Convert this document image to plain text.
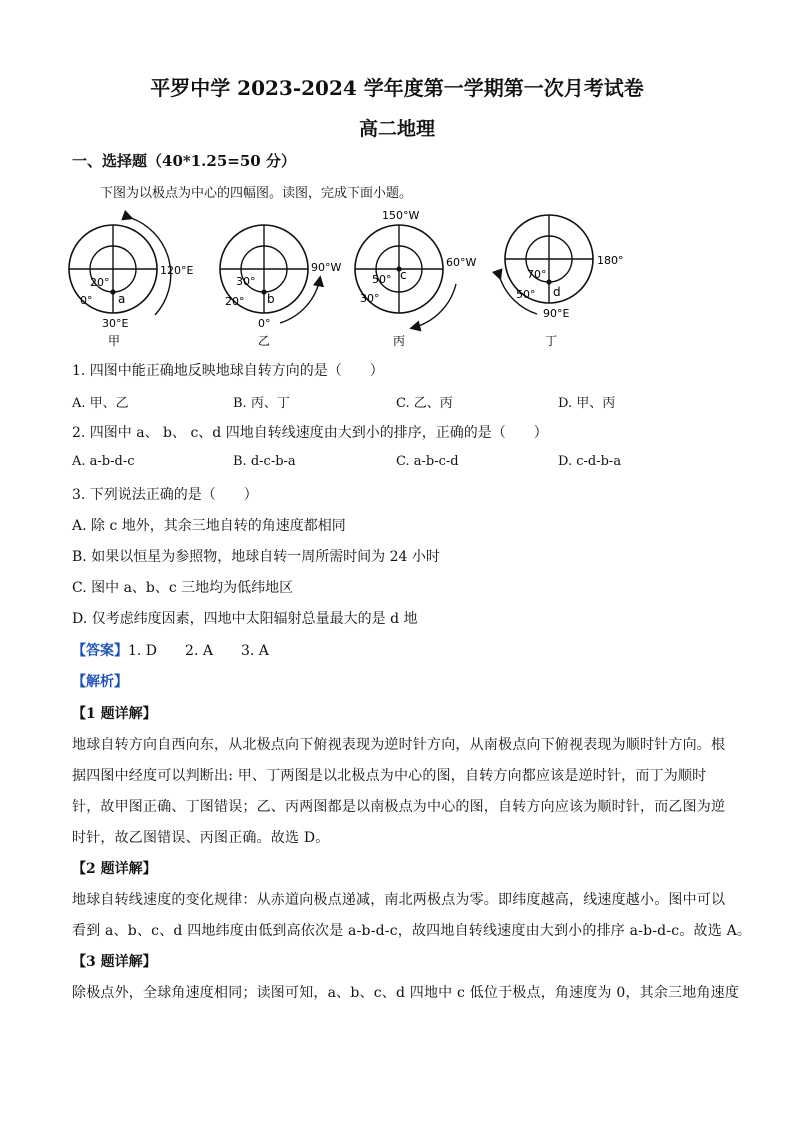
平罗中学 2023-2024 学年度第一学期第一次月考试卷
高二地理
一、选择题（40*1.25=50 分）
下图为以极点为中心的四幅图。读图，完成下面小题。
20°
a
120°E
0°
30°E
甲
30°
20° b
90°W
0°
乙
150°W
50° c
30°
60°W
丙
180°
70°
50° d
90°E
丁
1. 四图中能正确地反映地球自转方向的是（　　）
A. 甲、乙	B. 丙、丁	C. 乙、丙	D. 甲、丙
2. 四图中 a、 b、 c、d 四地自转线速度由大到小的排序，正确的是（　　）
A. a-b-d-c	B. d-c-b-a	C. a-b-c-d	D. c-d-b-a
3. 下列说法正确的是（　　）
A. 除 c 地外，其余三地自转的角速度都相同
B. 如果以恒星为参照物，地球自转一周所需时间为 24 小时
C. 图中 a、b、c 三地均为低纬地区
D. 仅考虑纬度因素，四地中太阳辐射总量最大的是 d 地
【答案】1. D　　2. A　　3. A
【解析】
【1 题详解】
地球自转方向自西向东，从北极点向下俯视表现为逆时针方向，从南极点向下俯视表现为顺时针方向。根
据四图中经度可以判断出: 甲、丁两图是以北极点为中心的图，自转方向都应该是逆时针，而丁为顺时
针，故甲图正确、丁图错误；乙、丙两图都是以南极点为中心的图，自转方向应该为顺时针，而乙图为逆
时针，故乙图错误、丙图正确。故选 D。
【2 题详解】
地球自转线速度的变化规律：从赤道向极点递减，南北两极点为零。即纬度越高，线速度越小。图中可以
看到 a、b、c、d 四地纬度由低到高依次是 a-b-d-c，故四地自转线速度由大到小的排序 a-b-d-c。故选 A。
【3 题详解】
除极点外，全球角速度相同；读图可知，a、b、c、d 四地中 c 低位于极点，角速度为 0，其余三地角速度
